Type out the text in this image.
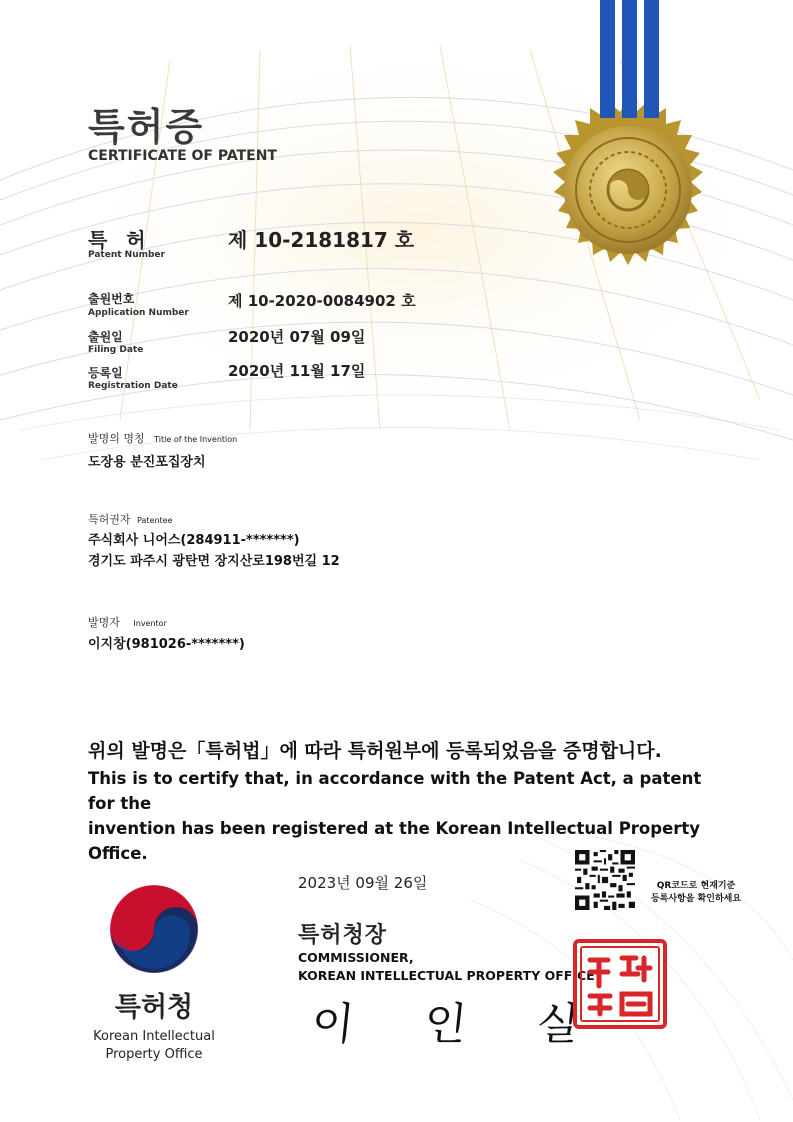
특허증
CERTIFICATE OF PATENT
특 허
Patent Number
제 10-2181817 호
출원번호
Application Number
제 10-2020-0084902 호
출원일
Filing Date
2020년 07월 09일
등록일
Registration Date
2020년 11월 17일
발명의 명칭 Title of the Invention
도장용 분진포집장치
특허권자 Patentee
주식회사 니어스(284911-*******)
경기도 파주시 광탄면 장지산로198번길 12
발명자 Inventor
이지창(981026-*******)
위의 발명은「특허법」에 따라 특허원부에 등록되었음을 증명합니다.
This is to certify that, in accordance with the Patent Act, a patent for the
invention has been registered at the Korean Intellectual Property Office.
2023년 09월 26일
특허청장
COMMISSIONER,
KOREAN INTELLECTUAL PROPERTY OFFICE
이 인 실
QR코드로 현재기준
등록사항을 확인하세요
특허청
Korean Intellectual
Property Office
